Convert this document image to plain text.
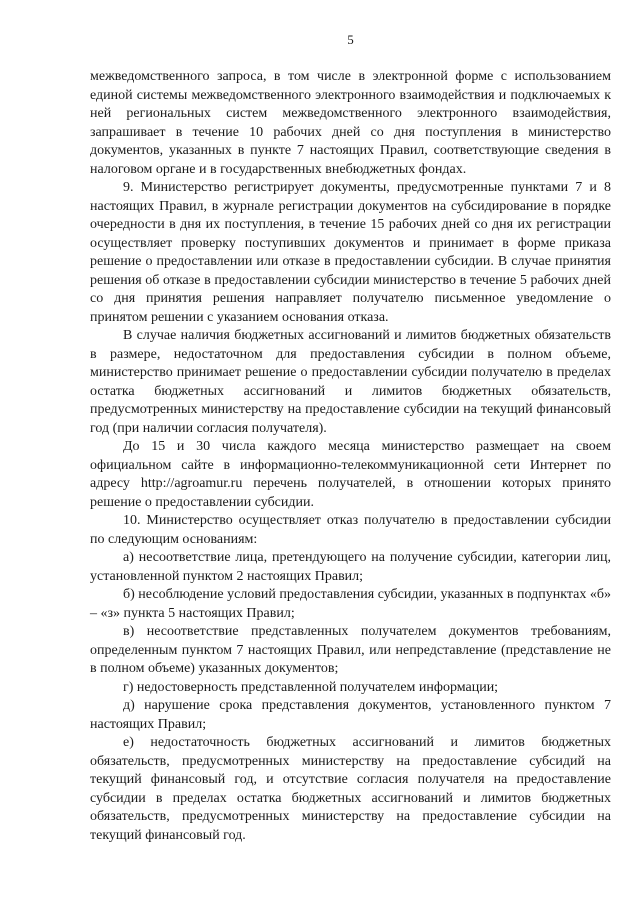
5

межведомственного запроса, в том числе в электронной форме с использованием единой системы межведомственного электронного взаимодействия и подключаемых к ней региональных систем межведомственного электронного взаимодействия, запрашивает в течение 10 рабочих дней со дня поступления в министерство документов, указанных в пункте 7 настоящих Правил, соответствующие сведения в налоговом органе и в государственных внебюджетных фондах.

9. Министерство регистрирует документы, предусмотренные пунктами 7 и 8 настоящих Правил, в журнале регистрации документов на субсидирование в порядке очередности в дня их поступления, в течение 15 рабочих дней со дня их регистрации осуществляет проверку поступивших документов и принимает в форме приказа решение о предоставлении или отказе в предоставлении субсидии. В случае принятия решения об отказе в предоставлении субсидии министерство в течение 5 рабочих дней со дня принятия решения направляет получателю письменное уведомление о принятом решении с указанием основания отказа.

В случае наличия бюджетных ассигнований и лимитов бюджетных обязательств в размере, недостаточном для предоставления субсидии в полном объеме, министерство принимает решение о предоставлении субсидии получателю в пределах остатка бюджетных ассигнований и лимитов бюджетных обязательств, предусмотренных министерству на предоставление субсидии на текущий финансовый год (при наличии согласия получателя).

До 15 и 30 числа каждого месяца министерство размещает на своем официальном сайте в информационно-телекоммуникационной сети Интернет по адресу http://agroamur.ru перечень получателей, в отношении которых принято решение о предоставлении субсидии.

10. Министерство осуществляет отказ получателю в предоставлении субсидии по следующим основаниям:

а) несоответствие лица, претендующего на получение субсидии, категории лиц, установленной пунктом 2 настоящих Правил;

б) несоблюдение условий предоставления субсидии, указанных в подпунктах «б» – «з» пункта 5 настоящих Правил;

в) несоответствие представленных получателем документов требованиям, определенным пунктом 7 настоящих Правил, или непредставление (представление не в полном объеме) указанных документов;

г) недостоверность представленной получателем информации;

д) нарушение срока представления документов, установленного пунктом 7 настоящих Правил;

е) недостаточность бюджетных ассигнований и лимитов бюджетных обязательств, предусмотренных министерству на предоставление субсидий на текущий финансовый год, и отсутствие согласия получателя на предоставление субсидии в пределах остатка бюджетных ассигнований и лимитов бюджетных обязательств, предусмотренных министерству на предоставление субсидии на текущий финансовый год.
